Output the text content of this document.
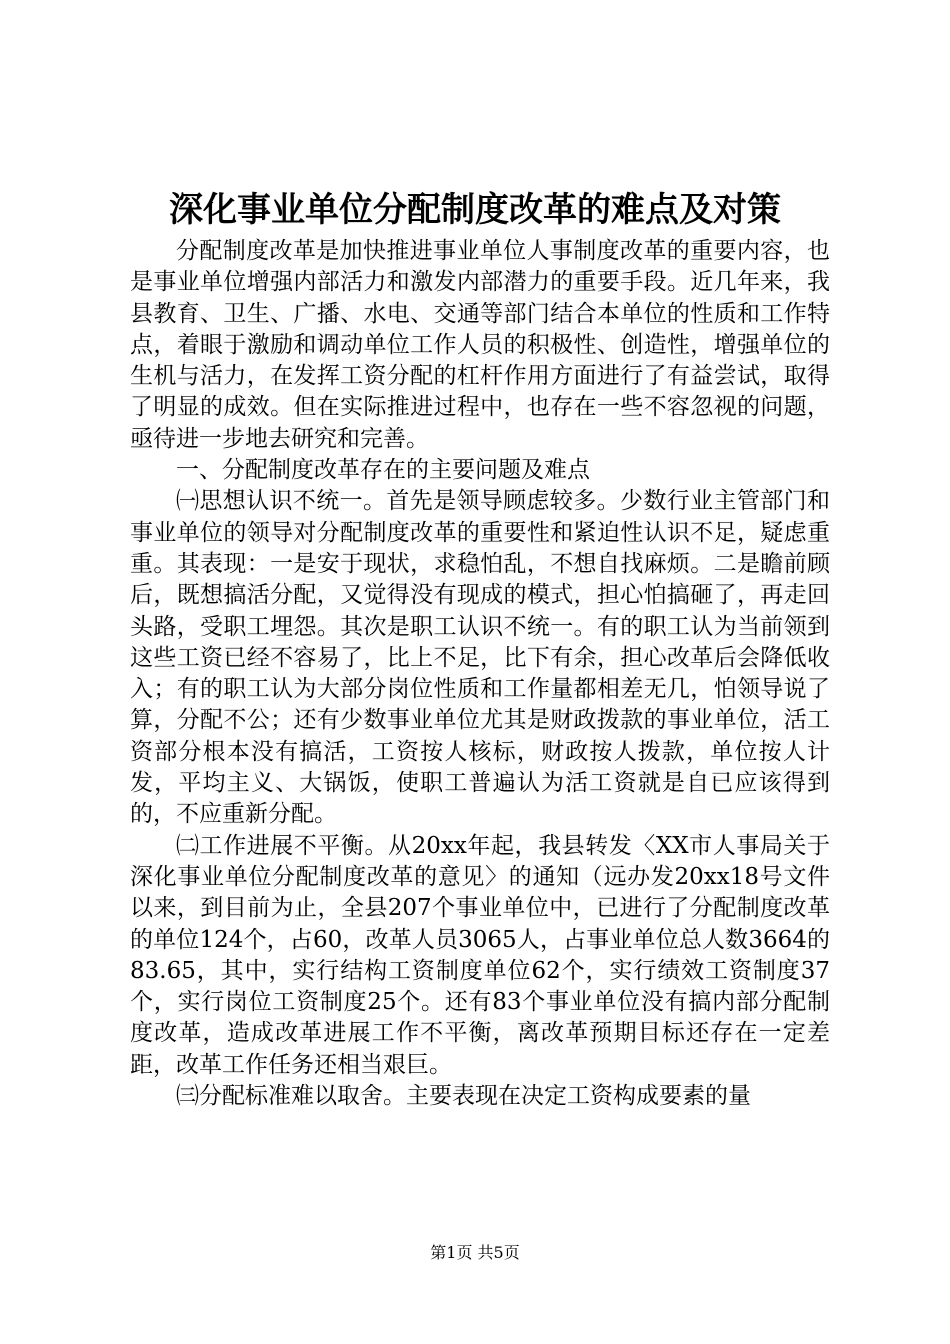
深化事业单位分配制度改革的难点及对策

分配制度改革是加快推进事业单位人事制度改革的重要内容，也是事业单位增强内部活力和激发内部潜力的重要手段。近几年来，我县教育、卫生、广播、水电、交通等部门结合本单位的性质和工作特点，着眼于激励和调动单位工作人员的积极性、创造性，增强单位的生机与活力，在发挥工资分配的杠杆作用方面进行了有益尝试，取得了明显的成效。但在实际推进过程中，也存在一些不容忽视的问题，亟待进一步地去研究和完善。

一、分配制度改革存在的主要问题及难点

㈠思想认识不统一。首先是领导顾虑较多。少数行业主管部门和事业单位的领导对分配制度改革的重要性和紧迫性认识不足，疑虑重重。其表现：一是安于现状，求稳怕乱，不想自找麻烦。二是瞻前顾后，既想搞活分配，又觉得没有现成的模式，担心怕搞砸了，再走回头路，受职工埋怨。其次是职工认识不统一。有的职工认为当前领到这些工资已经不容易了，比上不足，比下有余，担心改革后会降低收入；有的职工认为大部分岗位性质和工作量都相差无几，怕领导说了算，分配不公；还有少数事业单位尤其是财政拨款的事业单位，活工资部分根本没有搞活，工资按人核标，财政按人拨款，单位按人计发，平均主义、大锅饭，使职工普遍认为活工资就是自已应该得到的，不应重新分配。

㈡工作进展不平衡。从20xx年起，我县转发〈XX市人事局关于深化事业单位分配制度改革的意见〉的通知（远办发20xx18号文件以来，到目前为止，全县207个事业单位中，已进行了分配制度改革的单位124个，占60，改革人员3065人，占事业单位总人数3664的83.65，其中，实行结构工资制度单位62个，实行绩效工资制度37个，实行岗位工资制度25个。还有83个事业单位没有搞内部分配制度改革，造成改革进展工作不平衡，离改革预期目标还存在一定差距，改革工作任务还相当艰巨。

㈢分配标准难以取舍。主要表现在决定工资构成要素的量

第1页 共5页
